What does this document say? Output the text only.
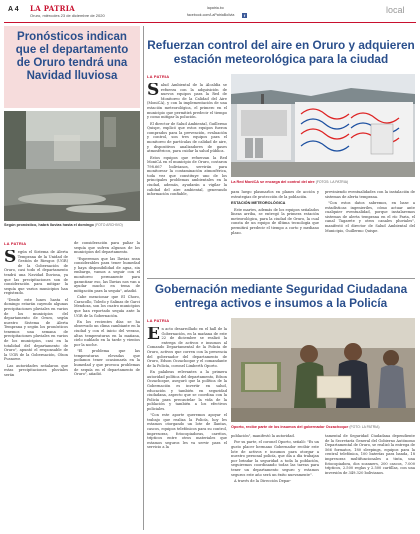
A 4 LA PATRIA
Oruro, miércoles 23 de diciembre de 2020
lapatria.bo
facebook.com/LaPatriaBolivia	f	local
Pronósticos indican que el departamento de Oruro tendrá una Navidad lluviosa
Según pronóstico, habrá lluvias hasta el domingo (FOTO ARCHIVO)
LA PATRIA
S egún el Sistema de Alerta Temprana de la Unidad de Gestión de Riesgos (UGR) de la Gobernación de Oruro, casi todo el departamento tendrá una Navidad lluviosa, ya que las precipitaciones son de consideración para mitigar la sequía que varios municipios han registrado.

"Desde este lunes hasta el domingo estarán cayendo algunas precipitaciones pluviales en varios de los municipios del departamento de Oruro, según nuestro Sistema de Alerta Temprana y según los pronósticos tenemos una semana de precipitaciones pluviales en varios de los municipios, casi en la totalidad del departamento de Oruro", apuntó el responsable de la UGR de la Gobernación, Olson Pusnowe.

Las autoridades señalaron que estas precipitaciones pluviales serán

de consideración para paliar la sequía que sufren algunos de los municipios del departamento.

"Esperemos que las lluvias sean considerables para tener humedad y haya disponibilidad de agua, sin embargo, vamos a seguir con el monitoreo permanente para garantizar eso, las lluvias nos van a ayudar mucho en tema de mitigación para la sequía", añadió.

Cabe mencionar que El Choro, Caracollo, Toledo y Salinas de Garci Mendoza, son los cuatro municipios que han reportado sequía ante la UGR de la Gobernación.

En los recientes días se ha observado un clima cambiante en la ciudad y con el inicio del verano, altas temperaturas en la mañana, cielo nublado en la tarde y vientos por la noche.

"El problema que las temperaturas elevadas que podamos tener ocasionaría en la humedad y que provoca problemas de sequía en el departamento de Oruro", añadió.

Refuerzan control del aire en Oruro y adquieren estación meteorológica para la ciudad
LA PATRIA
S alud Ambiental de la Alcaldía se refuerza con la adquisición de nuevos equipos para la Red de Monitoreo de la Calidad del Aire (MoniCA), y con la implementación de una estación meteorológica, el primero en el municipio que permitirá predecir el tiempo y como mitigar la polución.

El director de Salud Ambiental, Guillermo Quispe, explicó que estos equipos fueron comprados para la prevención, evaluación y control, son tres equipos para el monitoreo de partículas de calidad de aire, y dispositivos analizadores de gases atmosféricos, para cuidar la salud pública.

Estos equipos que refuerzan la Red MoniCA en el municipio de Oruro, costaron 798.667 bolivianos, servirán para monitorear la contaminación atmosférica, toda vez que constituye uno de los principales problemas ambientales en la ciudad, además, ayudarán a vigilar la calidad del aire ambiental, generando información confiable,

La Red MoniCA se encarga del control del aire (FOTOS: LA PATRIA)

para luego plasmarlos en planes de acción y estrategias de protección de la población.

ESTACIÓN METEOROLÓGICA

Este martes, además de los equipos señalados líneas arriba, se entregó la primera estación meteorológica, para la ciudad de Oruro, la cual consta de un equipo de última tecnología que permitirá predecir el tiempo a corto y mediano plazo.

previniendo eventualidades con la instalación de sistemas de alerta temprana.

"Con estos datos sabremos, en base a estadísticas ingenieriles, cómo actuar ante cualquier eventualidad, porque instalaremos sistemas de alerta temprana en el río Paria, el canal Tagarete y otros canales pluviales", manifestó el director de Salud Ambiental del Municipio, Guillermo Quispe.

Gobernación mediante Seguridad Ciudadana entrega activos e insumos a la Policía
LA PATRIA
E n acto desarrollado en el hall de la Gobernación, en la mañana de este 22 de diciembre se realizó la entrega de activos e insumos al Comando Departamental de la Policía de Oruro, activos que corren con la presencia del gobernador del departamento de Oruro, Edson Oczachoque y el comandante de la Policía, coronel Limberth Oporto.

En palabras relevantes a la primera autoridad política del departamento, Edson Oczachoque, aseguró que la política de la Gobernación es invertir en salud, educación y también en seguridad ciudadana, aspecto que se coordina con la Policía para precautelar la vida de la población y también a los efectivos policiales.

"Con este aporte queremos apoyar el trabajo que realiza la Policía, hoy les estamos otorgando un lote de llantas, cascos, equipos telefónicos para su control, impresoras, fotocopiadoras, carritos, trípticos entre otros materiales que estamos seguros les va servir para el servicio a la

Oporto, recibe parte de los insumos del gobernador Oczachoque (FOTO: LA PATRIA)

población", manifestó la autoridad.

Por su parte, el coronel Oporto, señaló: "Es un gusto placer hermano Gobernador recibir este lote de activos e insumos para otorgar a nuestro personal policía, que día a día trabajan por brindar la seguridad a toda la población, seguiremos coordinando todas las tareas para tener un departamento seguro y estamos seguros este año será un éxito nuevamente".

A través de la Dirección Depar-

tamental de Seguridad Ciudadana dependiente de la Secretaría General del Gobierno Autónomo Departamental de Oruro, se realizó la entrega de 566 formatos, 180 sleepings, equipos para la central telefónica, 100 baterías para banda, 18 impresoras multifuncionales a tinta, una fotocopiadora, dos scanners, 200 cascos, 7.000 trípticos, 2.500 reglas y 2.500 cartillas, con una inversión de 349.320 bolivianos.
